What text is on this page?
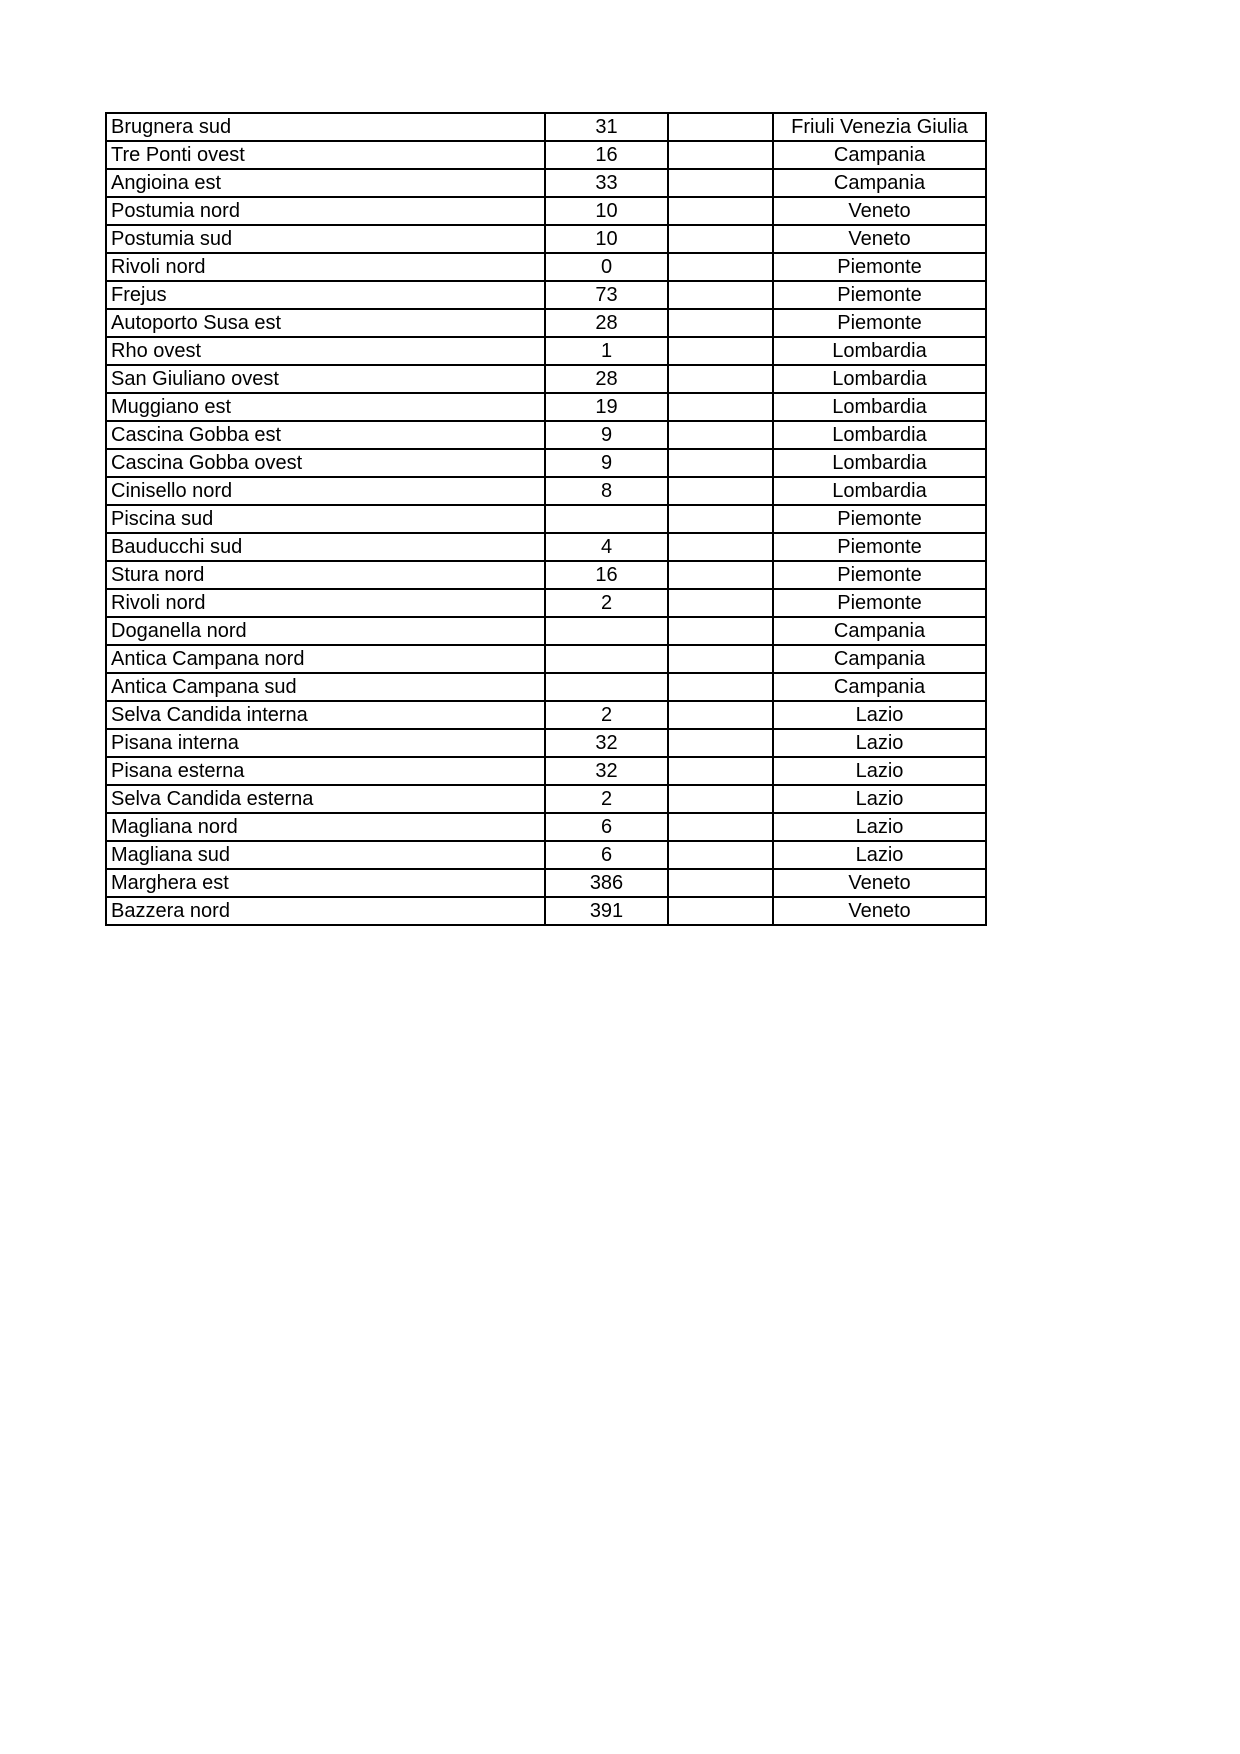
Brugnera sud	31		Friuli Venezia Giulia
Tre Ponti ovest	16		Campania
Angioina est	33		Campania
Postumia nord	10		Veneto
Postumia sud	10		Veneto
Rivoli nord	0		Piemonte
Frejus	73		Piemonte
Autoporto Susa est	28		Piemonte
Rho ovest	1		Lombardia
San Giuliano ovest	28		Lombardia
Muggiano est	19		Lombardia
Cascina Gobba est	9		Lombardia
Cascina Gobba ovest	9		Lombardia
Cinisello nord	8		Lombardia
Piscina sud			Piemonte
Bauducchi sud	4		Piemonte
Stura nord	16		Piemonte
Rivoli nord	2		Piemonte
Doganella nord			Campania
Antica Campana nord			Campania
Antica Campana sud			Campania
Selva Candida interna	2		Lazio
Pisana interna	32		Lazio
Pisana esterna	32		Lazio
Selva Candida esterna	2		Lazio
Magliana nord	6		Lazio
Magliana sud	6		Lazio
Marghera est	386		Veneto
Bazzera nord	391		Veneto
